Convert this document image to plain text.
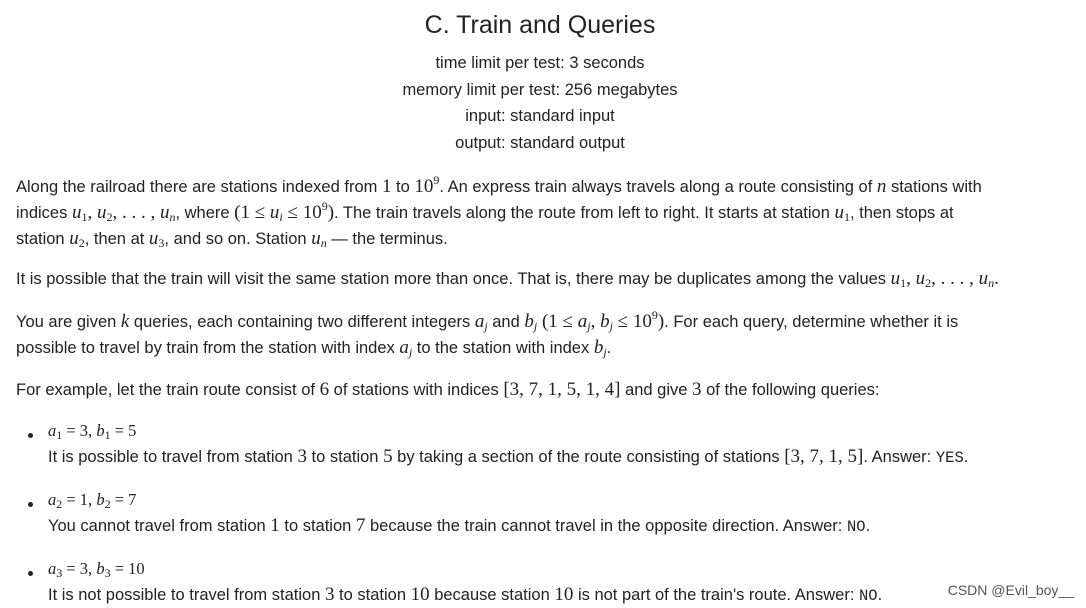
C. Train and Queries
time limit per test: 3 seconds
memory limit per test: 256 megabytes
input: standard input
output: standard output
Along the railroad there are stations indexed from 1 to $10^9$. An express train always travels along a route consisting of n stations with
indices $u_1$, $u_2$, . . . , $u_n$, where $(1 \le u_i \le 10^9)$. The train travels along the route from left to right. It starts at station $u_1$, then stops at
station $u_2$, then at $u_3$, and so on. Station $u_n$ — the terminus.
It is possible that the train will visit the same station more than once. That is, there may be duplicates among the values $u_1$, $u_2$, . . . , $u_n$.
You are given k queries, each containing two different integers $a_j$ and $b_j$ ($1 \le a_j$, $b_j \le 10^9$). For each query, determine whether it is
possible to travel by train from the station with index $a_j$ to the station with index $b_j$.
For example, let the train route consist of 6 of stations with indices [3, 7, 1, 5, 1, 4] and give 3 of the following queries:
$a_1 = 3$, $b_1 = 5$
It is possible to travel from station 3 to station 5 by taking a section of the route consisting of stations [3, 7, 1, 5]. Answer: YES.
$a_2 = 1$, $b_2 = 7$
You cannot travel from station 1 to station 7 because the train cannot travel in the opposite direction. Answer: NO.
$a_3 = 3$, $b_3 = 10$
It is not possible to travel from station 3 to station 10 because station 10 is not part of the train's route. Answer: NO.	CSDN @Evil_boy__
